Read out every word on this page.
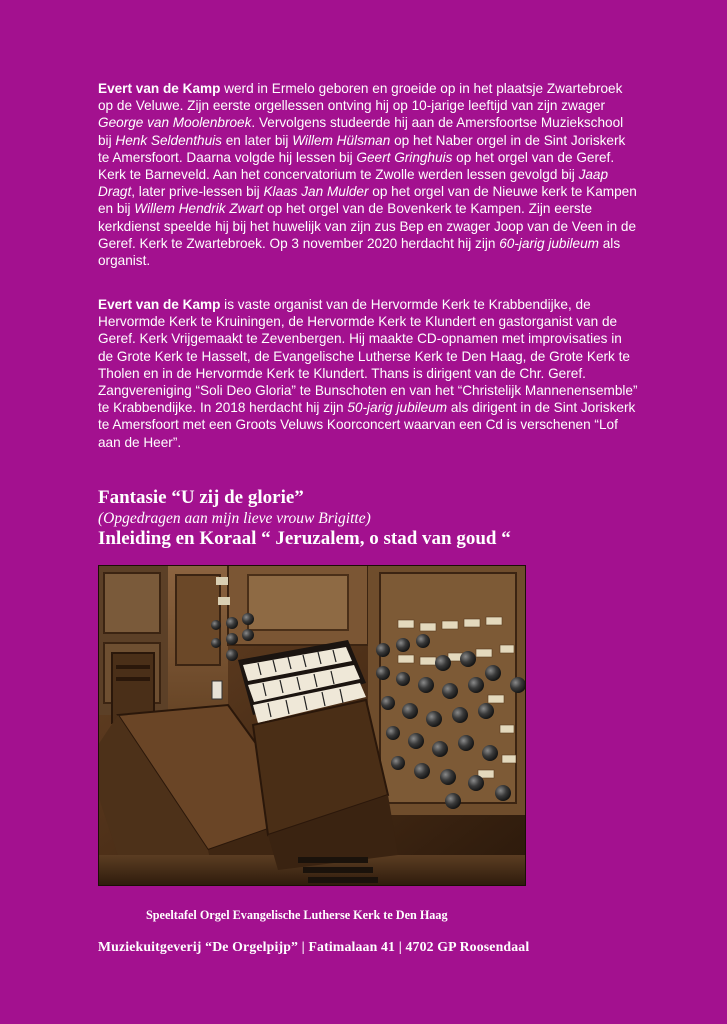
Evert van de Kamp werd in Ermelo geboren en groeide op in het plaatsje Zwartebroek op de Veluwe. Zijn eerste orgellessen ontving hij op 10-jarige leeftijd van zijn zwager George van Moolenbroek. Vervolgens studeerde hij aan de Amersfoortse Muziekschool bij Henk Seldenthuis en later bij Willem Hülsman op het Naber orgel in de Sint Joriskerk te Amersfoort. Daarna volgde hij lessen bij Geert Gringhuis op het orgel van de Geref. Kerk te Barneveld. Aan het concervatorium te Zwolle werden lessen gevolgd bij Jaap Dragt, later prive-lessen bij Klaas Jan Mulder op het orgel van de Nieuwe kerk te Kampen en bij Willem Hendrik Zwart op het orgel van de Bovenkerk te Kampen. Zijn eerste kerkdienst speelde hij bij het huwelijk van zijn zus Bep en zwager Joop van de Veen in de Geref. Kerk te Zwartebroek. Op 3 november 2020 herdacht hij zijn 60-jarig jubileum als organist.

Evert van de Kamp is vaste organist van de Hervormde Kerk te Krabbendijke, de Hervormde Kerk te Kruiningen, de Hervormde Kerk te Klundert en gastorganist van de Geref. Kerk Vrijgemaakt te Zevenbergen. Hij maakte CD-opnamen met improvisaties in de Grote Kerk te Hasselt, de Evangelische Lutherse Kerk te Den Haag, de Grote Kerk te Tholen en in de Hervormde Kerk te Klundert. Thans is dirigent van de Chr. Geref. Zangvereniging “Soli Deo Gloria” te Bunschoten en van het “Christelijk Mannenensemble” te Krabbendijke. In 2018 herdacht hij zijn 50-jarig jubileum als dirigent in de Sint Joriskerk te Amersfoort met een Groots Veluws Koorconcert waarvan een Cd is verschenen “Lof aan de Heer”.

Fantasie “U zij de glorie”

(Opgedragen aan mijn lieve vrouw Brigitte)

Inleiding en Koraal “ Jeruzalem, o stad van goud “

Speeltafel Orgel Evangelische Lutherse Kerk te Den Haag

Muziekuitgeverij “De Orgelpijp” | Fatimalaan 41 | 4702 GP Roosendaal
